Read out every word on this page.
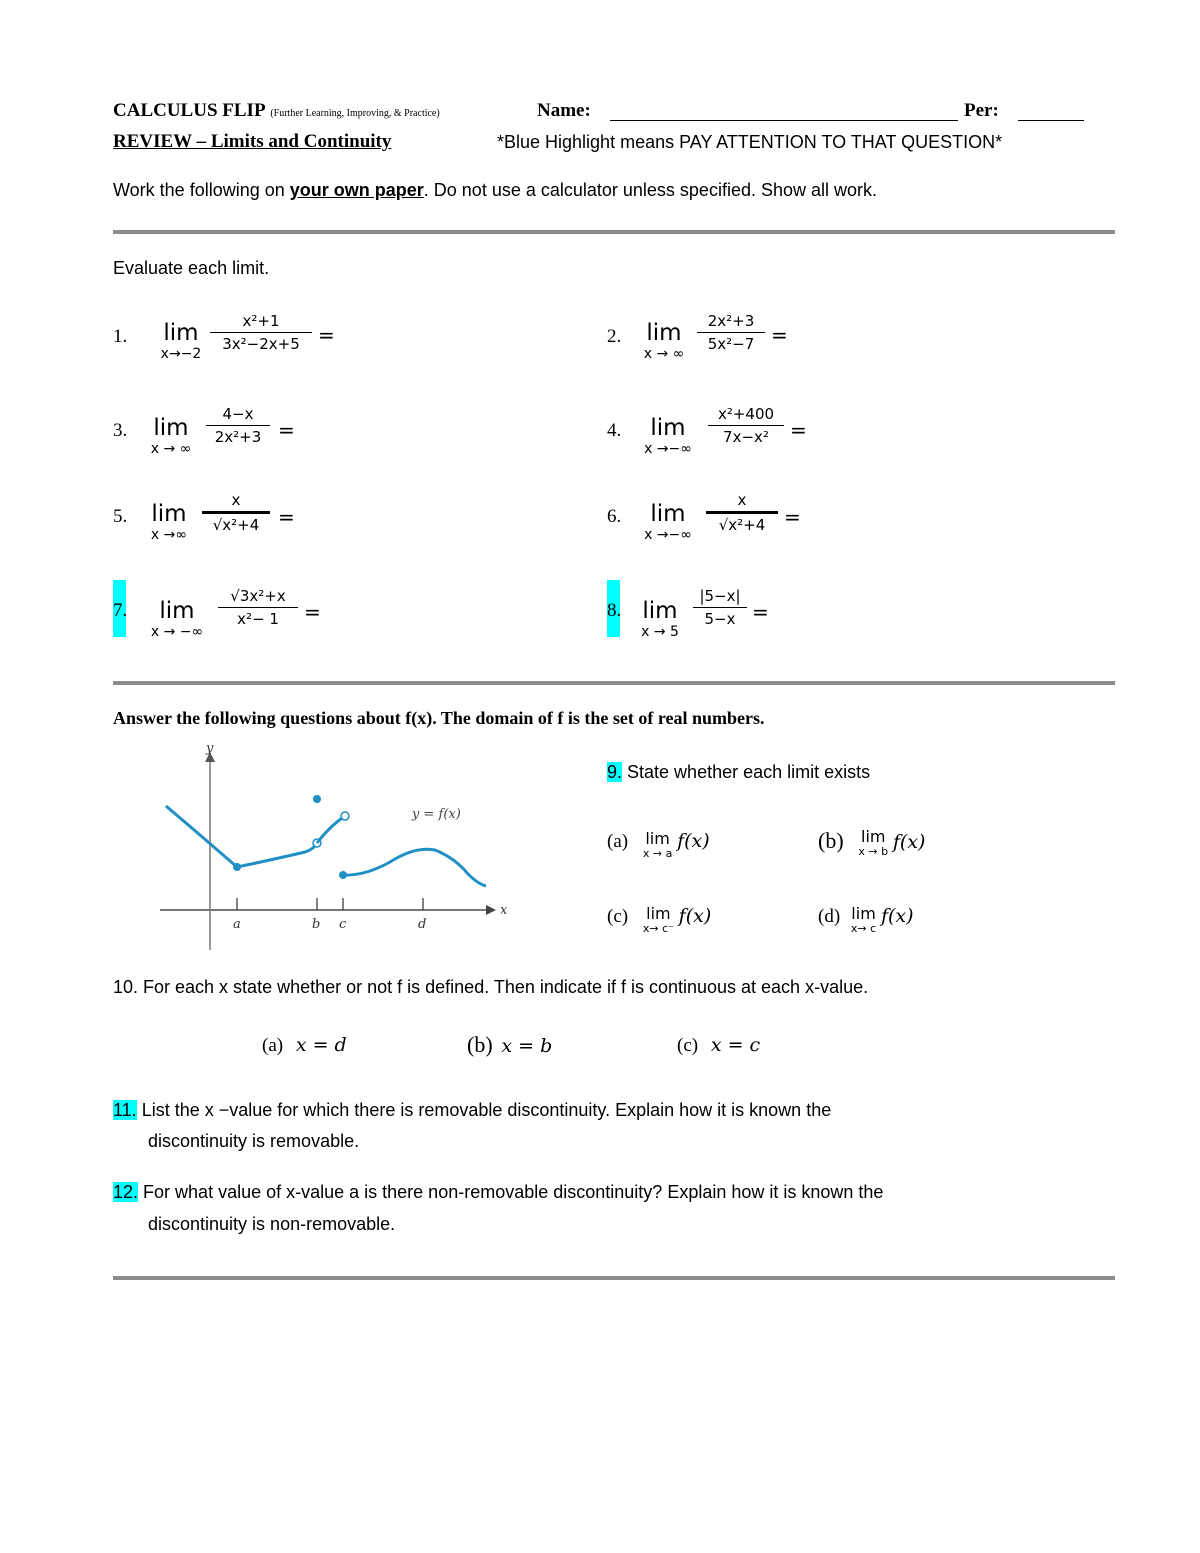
CALCULUS FLIP (Further Learning, Improving, & Practice)	Name:	Per:
REVIEW – Limits and Continuity	*Blue Highlight means PAY ATTENTION TO THAT QUESTION*
Work the following on your own paper. Do not use a calculator unless specified. Show all work.
Evaluate each limit.
1.	lim
x→−2
$\frac{\text{x²+1}}{\text{3x²−2x+5}}$ =	2.	lim
x → ∞
$\frac{\text{2x²+3}}{\text{5x²−7}}$ =
3.	lim
x → ∞
$\frac{4-x}{\text{2x²+3}}$ =	4.	lim
x →−∞
$\frac{\text{x²+400}}{\text{7x−x²}}$ =
5.	lim
x →∞
$\frac{x}{\text{√x²+4}}$ =	6.	lim
x →−∞
$\frac{x}{\text{√x²+4}}$ =
7.	lim
x → −∞
$\frac{\text{√3x²+x}}{\text{x²− 1}}$ =	8. lim
x → 5
$\frac{|5-x|}{5-x}$ =
Answer the following questions about f(x). The domain of f is the set of real numbers.
y
x
a	b c	d
y = f(x)
9. State whether each limit exists
(a) lim
x → a
f(x)	(b) lim
x → b f(x)
(c) lim
x→ c⁻
f(x)	(d) lim
x→ c
f(x)
10. For each x state whether or not f is defined. Then indicate if f is continuous at each x-value.
(a) x = d	(b) x = b	(c) x = c
11. List the x −value for which there is removable discontinuity. Explain how it is known the
discontinuity is removable.
12. For what value of x-value a is there non-removable discontinuity? Explain how it is known the
discontinuity is non-removable.
